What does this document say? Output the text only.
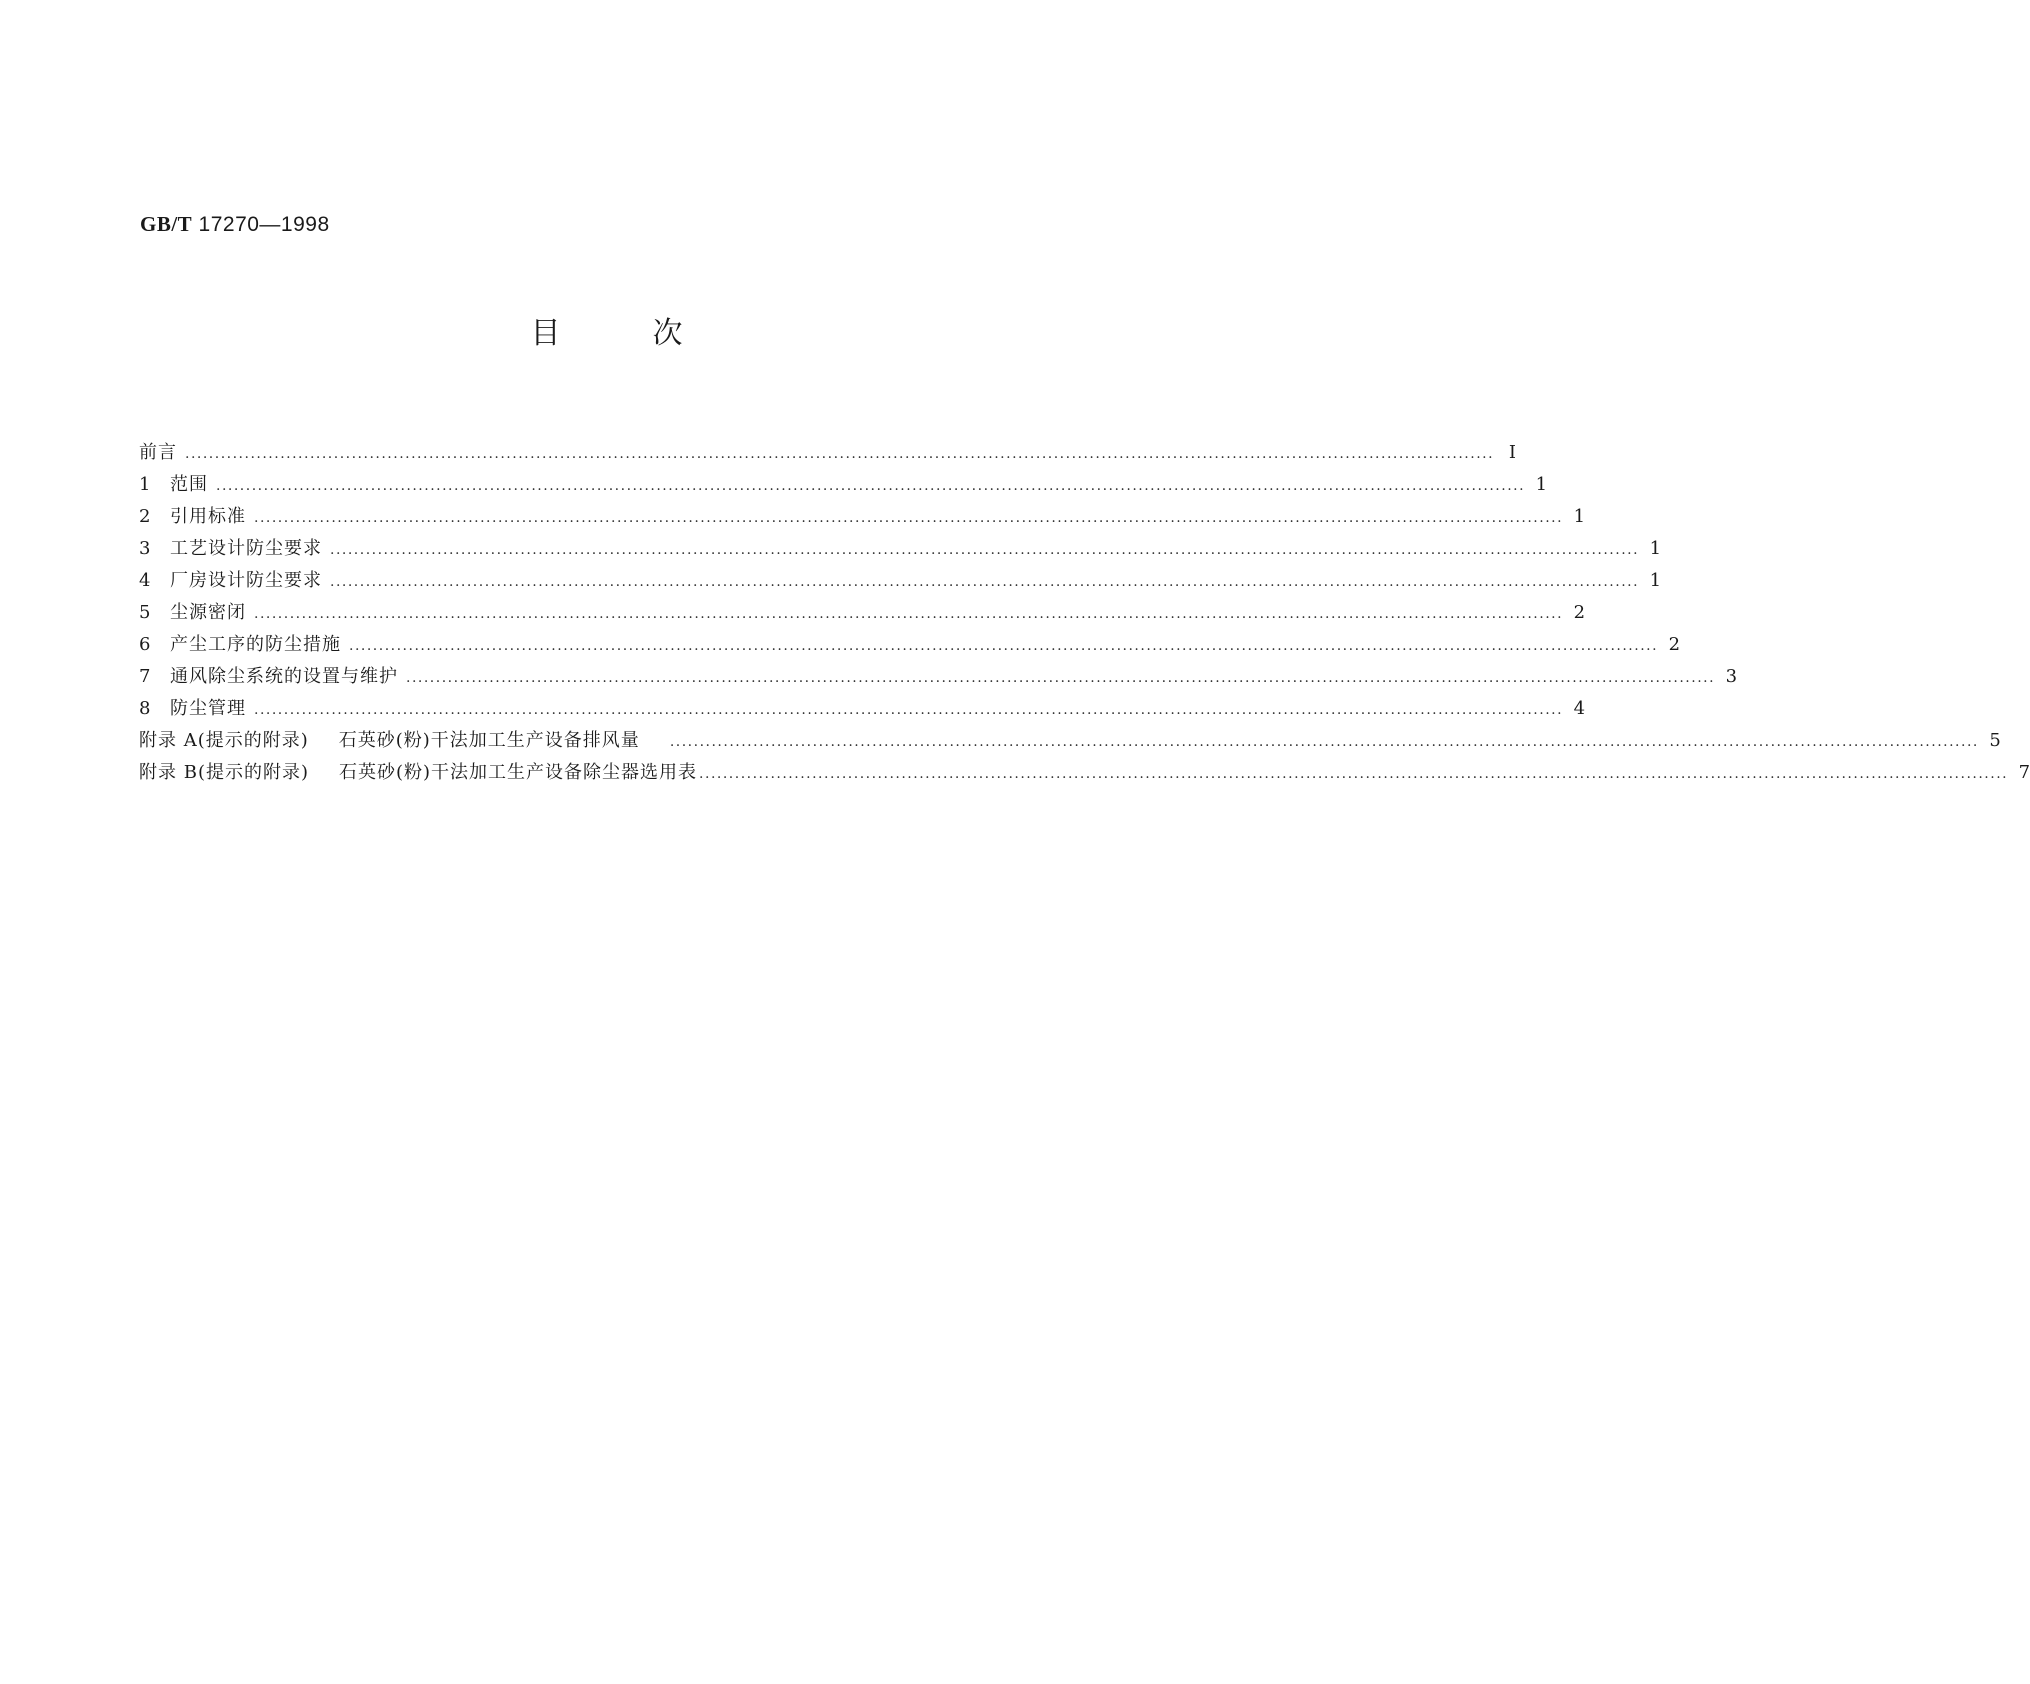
GB/T 17270—1998
目	次
前言 ............................................................................................................................................................................................................................ I
1	范围 ............................................................................................................................................................................................................................ 1
2	引用标准 ............................................................................................................................................................................................................................ 1
3	工艺设计防尘要求 ............................................................................................................................................................................................................................ 1
4	厂房设计防尘要求 ............................................................................................................................................................................................................................ 1
5	尘源密闭 ............................................................................................................................................................................................................................ 2
6	产尘工序的防尘措施 ............................................................................................................................................................................................................................ 2
7	通风除尘系统的设置与维护 ............................................................................................................................................................................................................................ 3
8	防尘管理 ............................................................................................................................................................................................................................ 4
附录 A(提示的附录) 石英砂(粉)干法加工生产设备排风量 ............................................................................................................................................................................................................................ 5
附录 B(提示的附录) 石英砂(粉)干法加工生产设备除尘器选用表 ............................................................................................................................................................................................................................ 7
